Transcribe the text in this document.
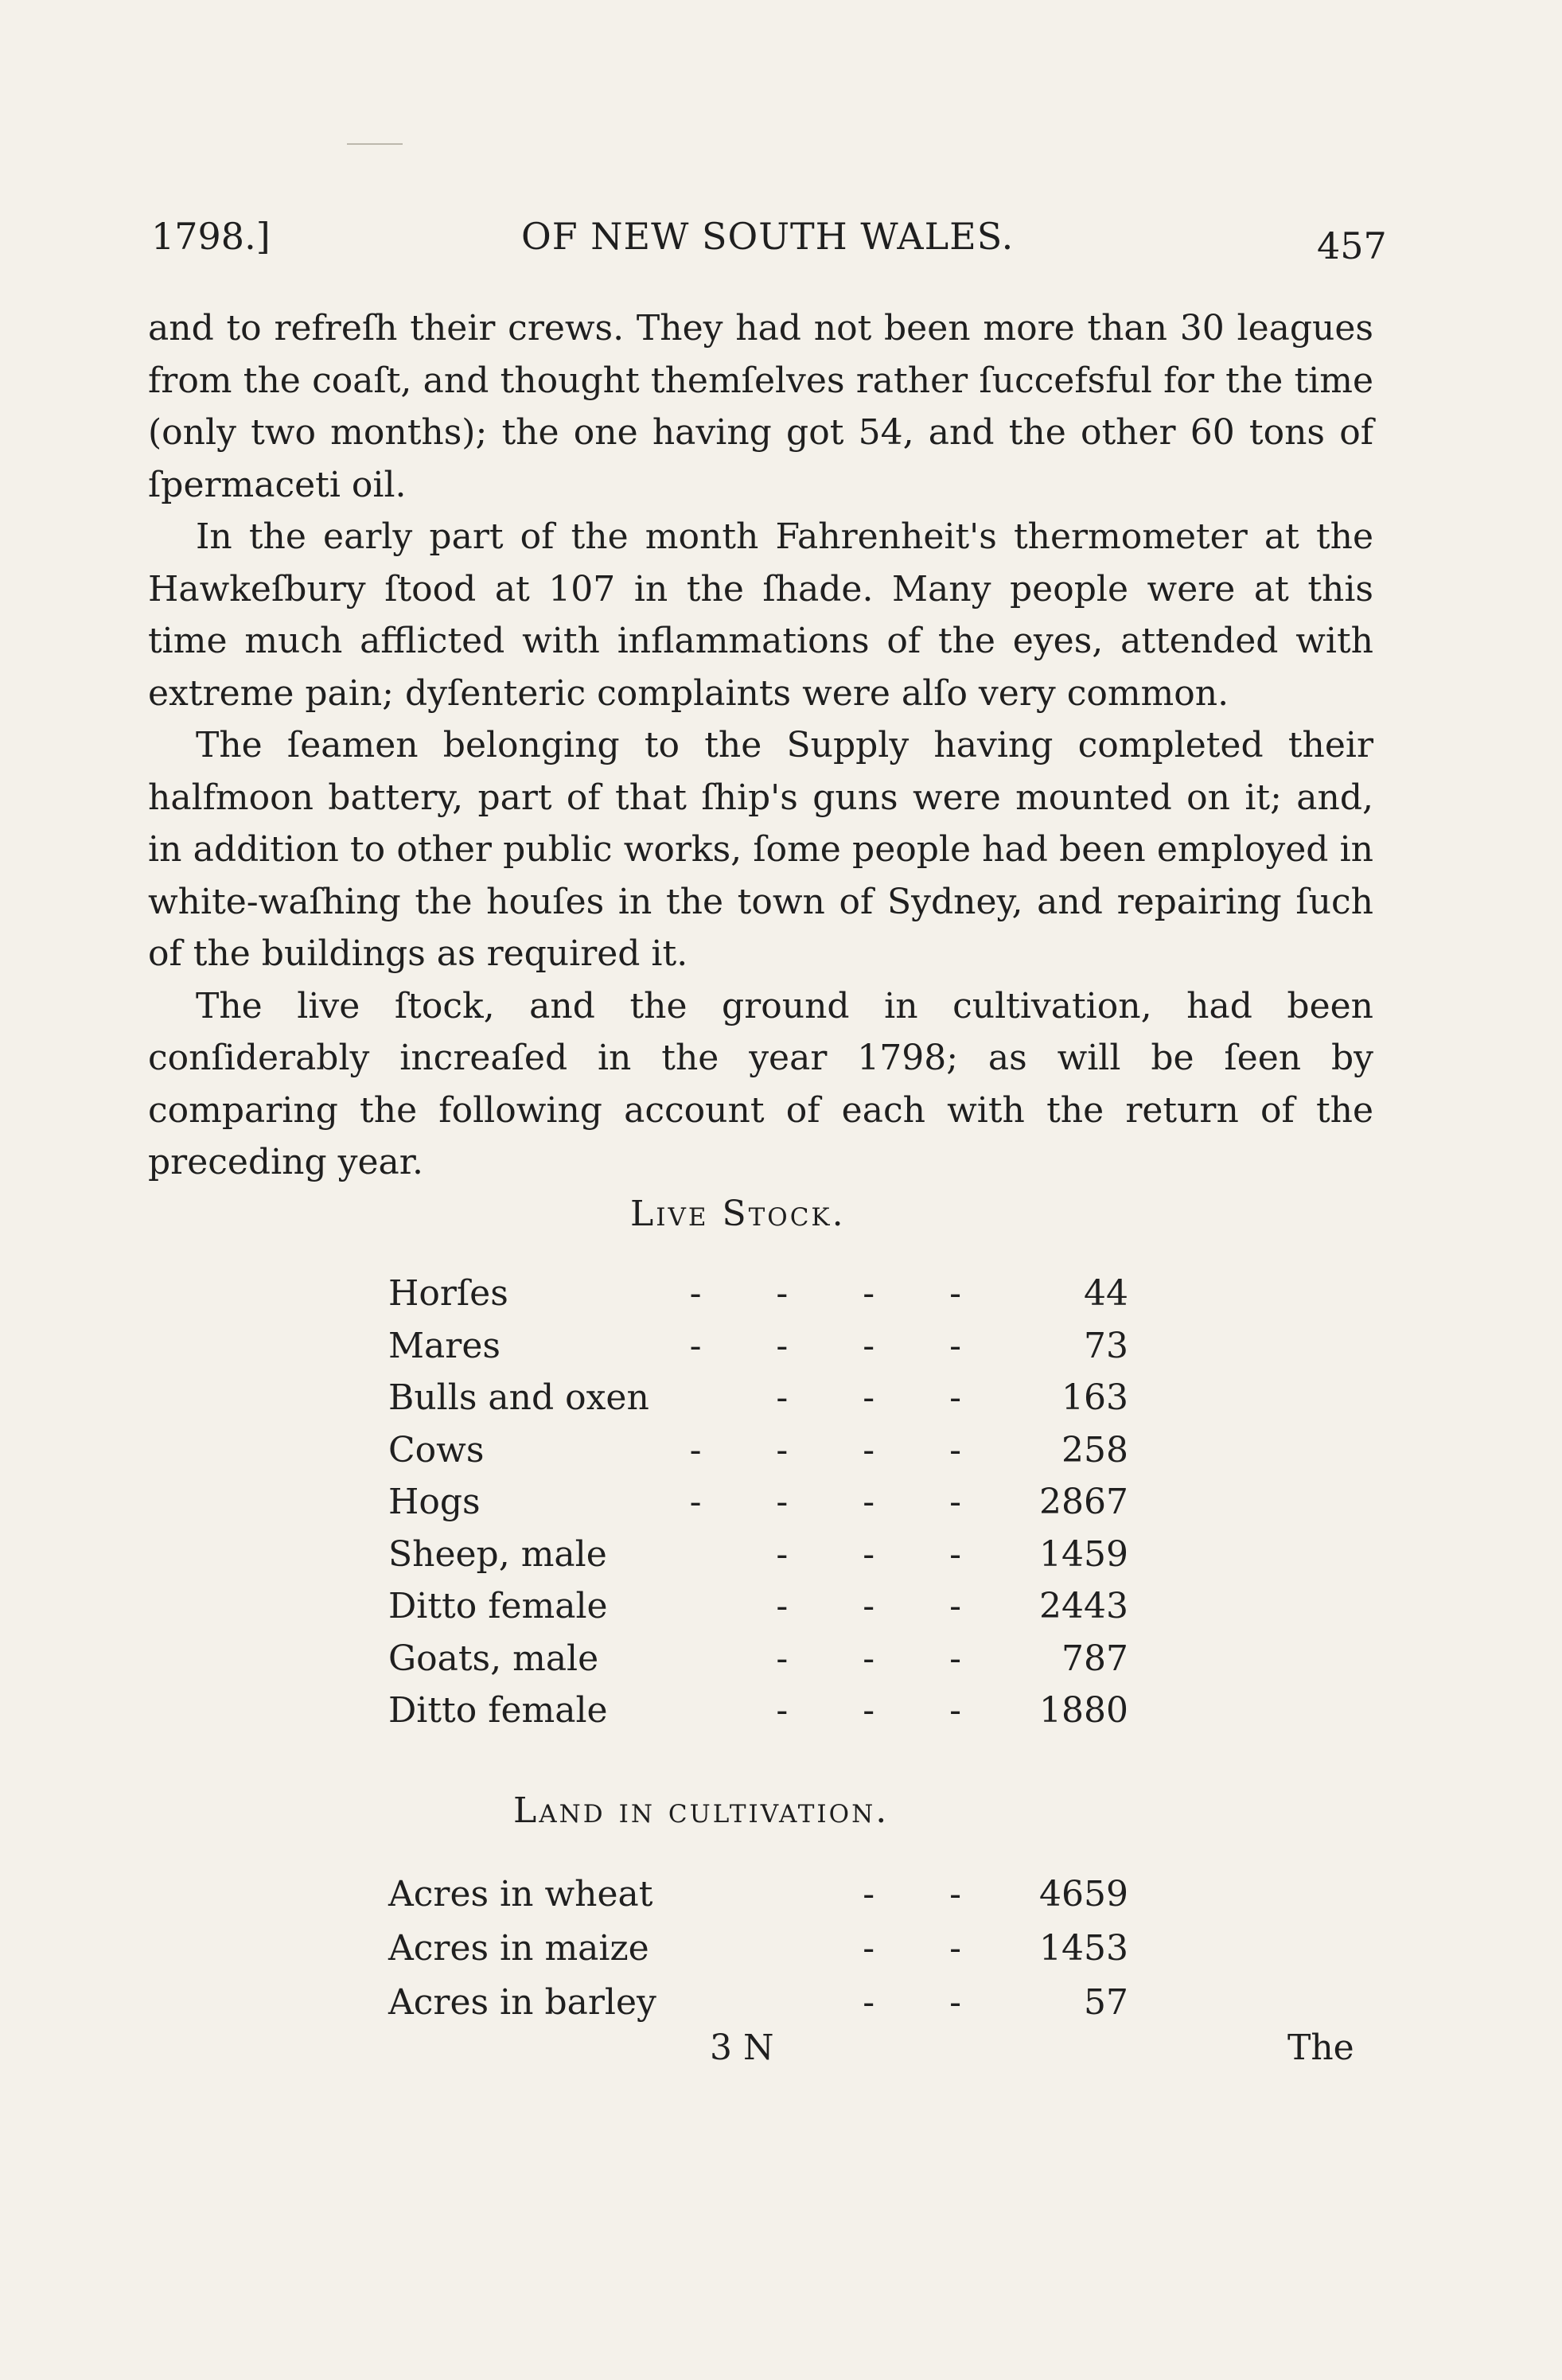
1798.]	OF NEW SOUTH WALES.	457

and to refreſh their crews. They had not been more than 30 leagues from the coaſt, and thought themſelves rather ſuccefsful for the time (only two months); the one having got 54, and the other 60 tons of ſpermaceti oil.

In the early part of the month Fahrenheit's thermometer at the Hawkeſbury ſtood at 107 in the ſhade. Many people were at this time much afflicted with inflammations of the eyes, attended with extreme pain; dyſenteric complaints were alſo very common.

The ſeamen belonging to the Supply having completed their halfmoon battery, part of that ſhip's guns were mounted on it; and, in addition to other public works, ſome people had been employed in white-waſhing the houſes in the town of Sydney, and repairing ſuch of the buildings as required it.

The live ſtock, and the ground in cultivation, had been conſiderably increaſed in the year 1798; as will be ſeen by comparing the following account of each with the return of the preceding year.

Live Stock.
Horſes	- - - -	44
Mares	- - - -	73
Bulls and oxen	- - -	163
Cows	- - - -	258
Hogs	- - - -	2867
Sheep, male	- - -	1459
Ditto female	- - -	2443
Goats, male	- - -	787
Ditto female	- - -	1880
Land in cultivation.
Acres in wheat	- -	4659
Acres in maize	- -	1453
Acres in barley	- -	57
3 N	The
